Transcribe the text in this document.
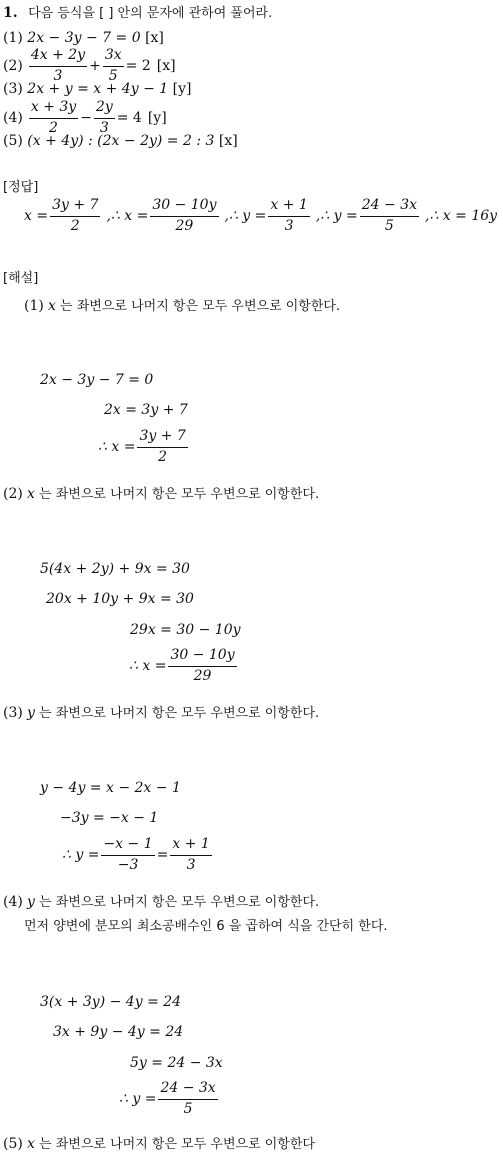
1. 다음 등식을 [ ] 안의 문자에 관하여 풀어라.
(1) 2x − 3y − 7 = 0 [x]
$(2) \frac{4x + 2y}{3} + \frac{3x}{5} = 2$ [x]
(3) 2x + y = x + 4y − 1 [y]
$(4) \frac{x + 3y}{2} - \frac{2y}{3} = 4$ [y]
(5) (x + 4y) : (2x − 2y) = 2 : 3 [x]
[정답]
$x = \frac{3y + 7}{2}$ ,∴ $x = \frac{30 - 10y}{29}$ ,∴ $y = \frac{x + 1}{3}$ ,∴ $y = \frac{24 - 3x}{5}$ ,∴ x = 16y
[해설]
(1) x 는 좌변으로 나머지 항은 모두 우변으로 이항한다.
2x − 3y − 7 = 0
2x = 3y + 7
∴ $x = \frac{3y + 7}{2}$
(2) x 는 좌변으로 나머지 항은 모두 우변으로 이항한다.
5(4x + 2y) + 9x = 30
20x + 10y + 9x = 30
29x = 30 − 10y
∴ $x = \frac{30 - 10y}{29}$
(3) y 는 좌변으로 나머지 항은 모두 우변으로 이항한다.
y − 4y = x − 2x − 1
−3y = −x − 1
∴ $y = \frac{-x - 1}{-3} = \frac{x + 1}{3}$
(4) y 는 좌변으로 나머지 항은 모두 우변으로 이항한다.
먼저 양변에 분모의 최소공배수인 6 을 곱하여 식을 간단히 한다.
3(x + 3y) − 4y = 24
3x + 9y − 4y = 24
5y = 24 − 3x
∴ $y = \frac{24 - 3x}{5}$
(5) x 는 좌변으로 나머지 항은 모두 우변으로 이항한다
